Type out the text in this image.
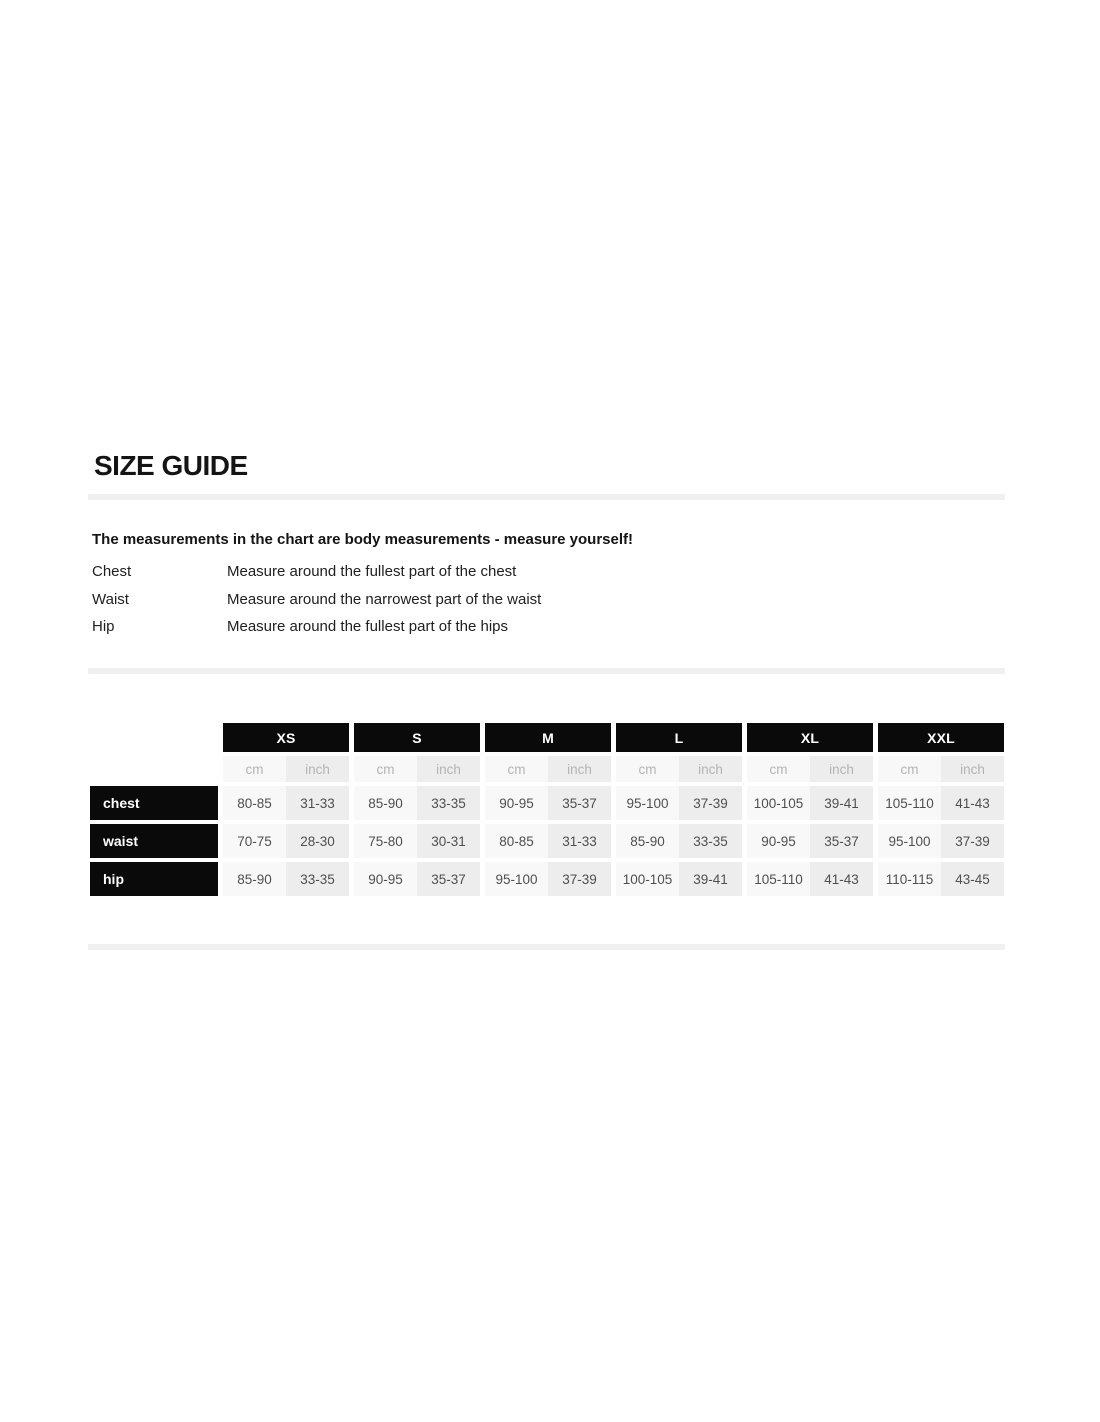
SIZE GUIDE

The measurements in the chart are body measurements - measure yourself!

Chest	Measure around the fullest part of the chest
Waist	Measure around the narrowest part of the waist
Hip	Measure around the fullest part of the hips
XS	S	M	L	XL	XXL
cm	inch	cm	inch	cm	inch	cm	inch	cm	inch	cm	inch
chest	80-85	31-33	85-90	33-35	90-95	35-37	95-100	37-39	100-105	39-41	105-110	41-43
waist	70-75	28-30	75-80	30-31	80-85	31-33	85-90	33-35	90-95	35-37	95-100	37-39
hip	85-90	33-35	90-95	35-37	95-100	37-39	100-105	39-41	105-110	41-43	110-115	43-45
